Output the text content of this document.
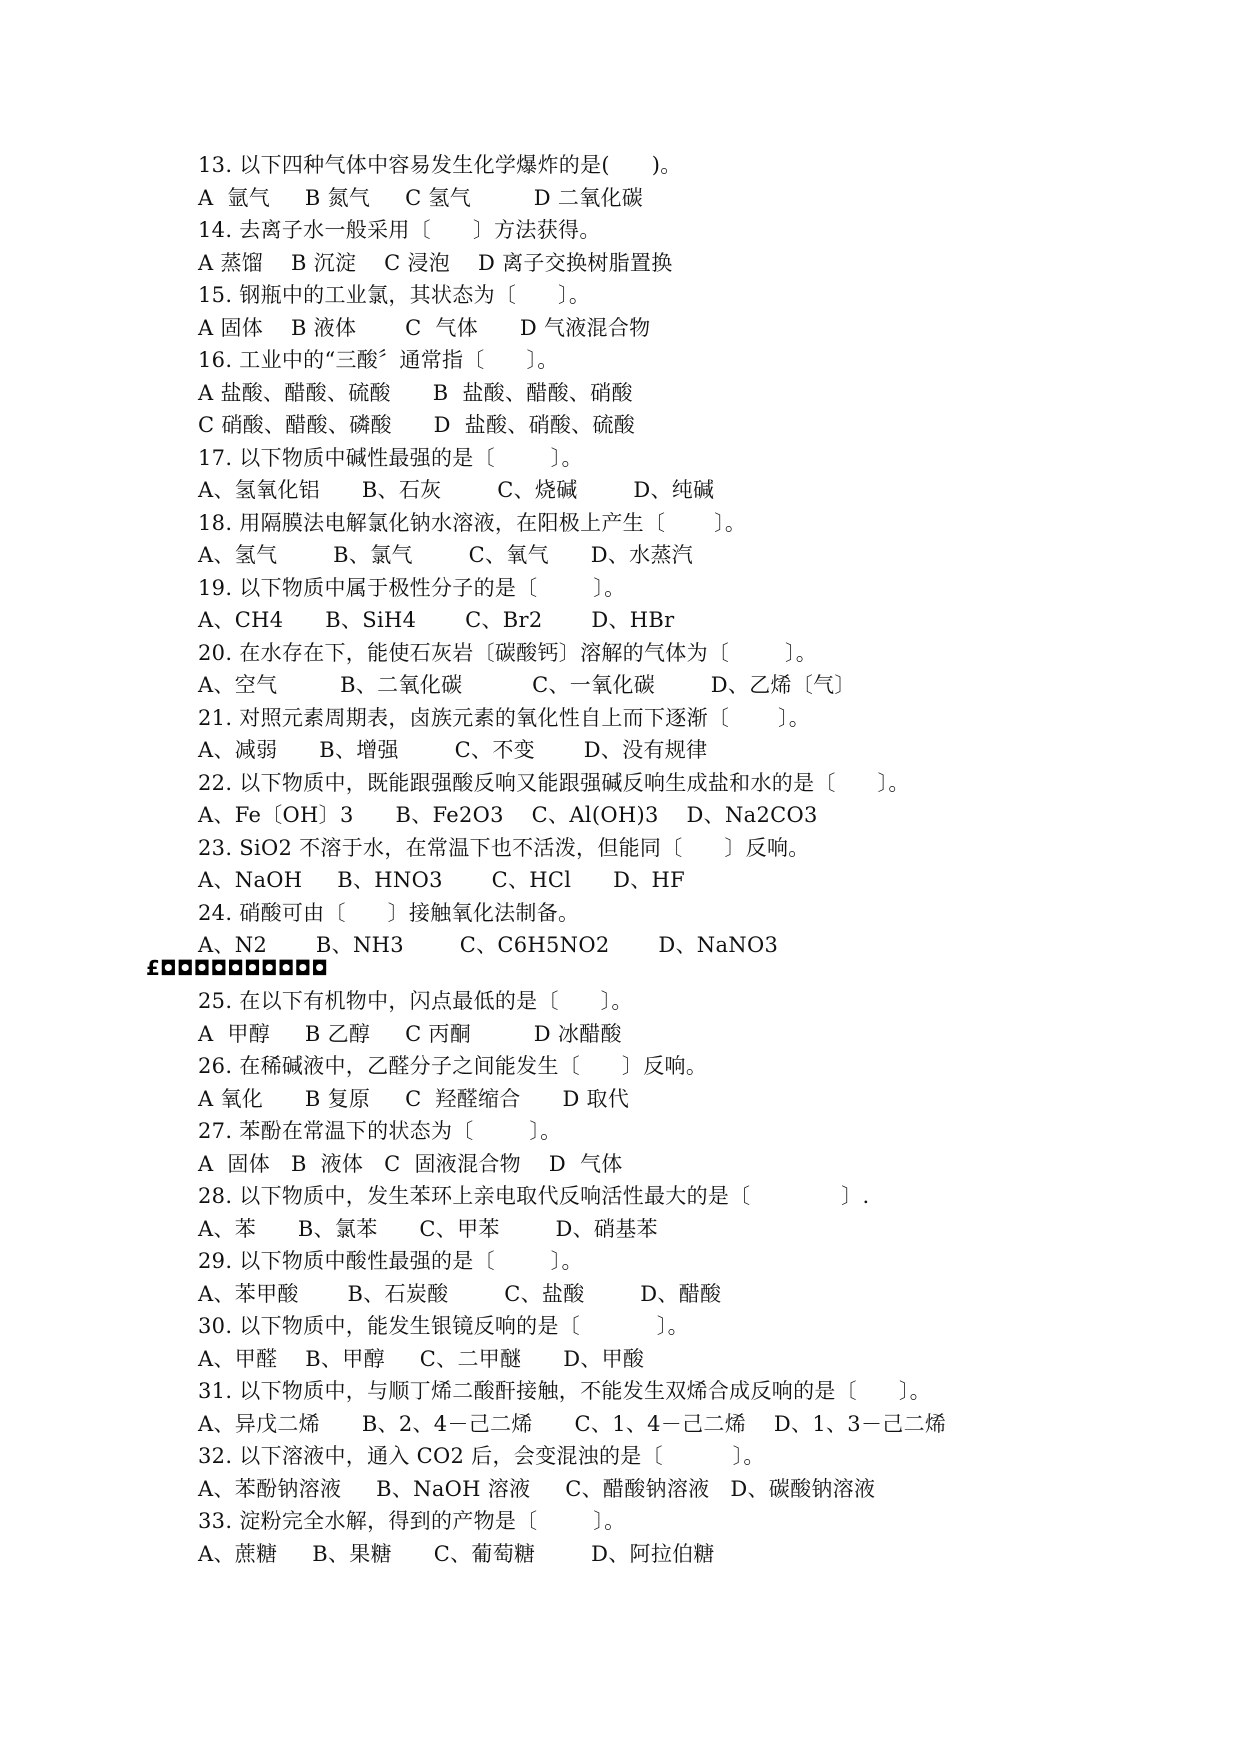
13. 以下四种气体中容易发生化学爆炸的是(      )。
A  氩气     B 氮气     C 氢气         D 二氧化碳
14. 去离子水一般采用〔      〕方法获得。
A 蒸馏    B 沉淀    C 浸泡    D 离子交换树脂置换
15. 钢瓶中的工业氯，其状态为〔      〕。
A 固体    B 液体       C  气体      D 气液混合物
16. 工业中的“三酸〞通常指〔      〕。
A 盐酸、醋酸、硫酸      B  盐酸、醋酸、硝酸
C 硝酸、醋酸、磷酸      D  盐酸、硝酸、硫酸
17. 以下物质中碱性最强的是〔        〕。
A、氢氧化铝      B、石灰        C、烧碱        D、纯碱
18. 用隔膜法电解氯化钠水溶液，在阳极上产生〔       〕。
A、氢气        B、氯气        C、氧气      D、水蒸汽
19. 以下物质中属于极性分子的是〔        〕。
A、CH4      B、SiH4       C、Br2       D、HBr
20. 在水存在下，能使石灰岩〔碳酸钙〕溶解的气体为〔        〕。
A、空气         B、二氧化碳          C、一氧化碳        D、乙烯〔气〕
21. 对照元素周期表，卤族元素的氧化性自上而下逐渐〔       〕。
A、减弱      B、增强        C、不变       D、没有规律
22. 以下物质中，既能跟强酸反响又能跟强碱反响生成盐和水的是〔      〕。
A、Fe〔OH〕3      B、Fe2O3    C、Al(OH)3    D、Na2CO3
23. SiO2 不溶于水，在常温下也不活泼，但能同〔      〕反响。
A、NaOH     B、HNO3       C、HCl      D、HF
24. 硝酸可由〔      〕接触氧化法制备。
A、N2       B、NH3        C、C6H5NO2       D、NaNO3
£◘◘◘◘◘◘◘◘◘◘
25. 在以下有机物中，闪点最低的是〔      〕。
A  甲醇     B 乙醇     C 丙酮         D 冰醋酸
26. 在稀碱液中，乙醛分子之间能发生〔      〕反响。
A 氧化      B 复原     C  羟醛缩合      D 取代
27. 苯酚在常温下的状态为〔        〕。
A  固体   B  液体   C  固液混合物    D  气体
28. 以下物质中，发生苯环上亲电取代反响活性最大的是〔             〕.
A、苯      B、氯苯      C、甲苯        D、硝基苯
29. 以下物质中酸性最强的是〔        〕。
A、苯甲酸       B、石炭酸        C、盐酸        D、醋酸
30. 以下物质中，能发生银镜反响的是〔           〕。
A、甲醛    B、甲醇     C、二甲醚      D、甲酸
31. 以下物质中，与顺丁烯二酸酐接触，不能发生双烯合成反响的是〔      〕。
A、异戊二烯      B、2、4－己二烯      C、1、4－己二烯    D、1、3－己二烯
32. 以下溶液中，通入 CO2 后，会变混浊的是〔          〕。
A、苯酚钠溶液     B、NaOH 溶液     C、醋酸钠溶液   D、碳酸钠溶液
33. 淀粉完全水解，得到的产物是〔        〕。
A、蔗糖     B、果糖      C、葡萄糖        D、阿拉伯糖
